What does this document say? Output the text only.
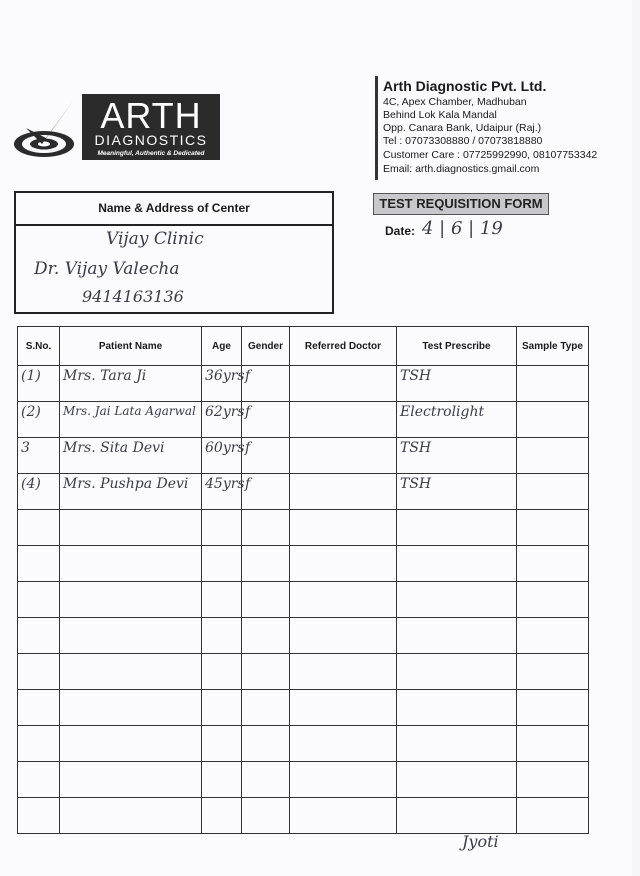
ARTH
DIAGNOSTICS
Meaningful, Authentic & Dedicated
Arth Diagnostic Pvt. Ltd.
4C, Apex Chamber, Madhuban
Behind Lok Kala Mandal
Opp. Canara Bank, Udaipur (Raj.)
Tel : 07073308880 / 07073818880
Customer Care : 07725992990, 08107753342
Email: arth.diagnostics.gmail.com
Name & Address of Center
Vijay Clinic
Dr. Vijay Valecha
9414163136
TEST REQUISITION FORM
Date: 4 | 6 | 19
S.No.	Patient Name	Age	Gender	Referred Doctor	Test Prescribe	Sample Type

(1)	Mrs. Tara Ji	36yrs	f		TSH	

(2)	Mrs. Jai Lata Agarwal	62yrs	f		Electrolight	

3	Mrs. Sita Devi	60yrs	f		TSH	

(4)	Mrs. Pushpa Devi	45yrs	f		TSH	

Jyoti
